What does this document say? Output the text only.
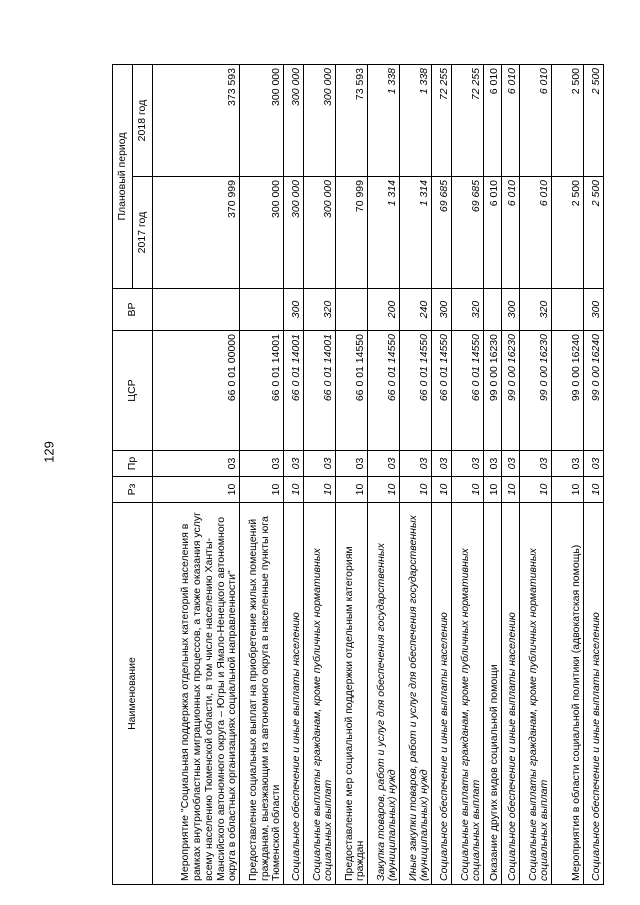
129
Наименование	Рз	Пр	ЦСР	ВР	Плановый период	
					2017 год	2018 год
Мероприятие "Социальная поддержка отдельных категорий населения в рамках внутриобластных миграционных процессов, а также оказания услуг всему населению Тюменской области, в том числе населению Ханты-Мансийского автономного округа – Югры и Ямало-Ненецкого автономного округа в областных организациях социальной направленности"	10	03	66 0 01 00000		370 999	373 593
Предоставление социальных выплат на приобретение жилых помещений гражданам, выезжающим из автономного округа в населенные пункты юга Тюменской области	10	03	66 0 01 14001		300 000	300 000
Социальное обеспечение и иные выплаты населению	10	03	66 0 01 14001	300	300 000	300 000
Социальные выплаты гражданам, кроме публичных нормативных социальных выплат	10	03	66 0 01 14001	320	300 000	300 000
Предоставление мер социальной поддержки отдельным категориям граждан	10	03	66 0 01 14550		70 999	73 593
Закупка товаров, работ и услуг для обеспечения государственных (муниципальных) нужд	10	03	66 0 01 14550	200	1 314	1 338
Иные закупки товаров, работ и услуг для обеспечения государственных (муниципальных) нужд	10	03	66 0 01 14550	240	1 314	1 338
Социальное обеспечение и иные выплаты населению	10	03	66 0 01 14550	300	69 685	72 255
Социальные выплаты гражданам, кроме публичных нормативных социальных выплат	10	03	66 0 01 14550	320	69 685	72 255
Оказание других видов социальной помощи	10	03	99 0 00 16230		6 010	6 010
Социальное обеспечение и иные выплаты населению	10	03	99 0 00 16230	300	6 010	6 010
Социальные выплаты гражданам, кроме публичных нормативных социальных выплат	10	03	99 0 00 16230	320	6 010	6 010
Мероприятия в области социальной политики (адвокатская помощь)	10	03	99 0 00 16240		2 500	2 500
Социальное обеспечение и иные выплаты населению	10	03	99 0 00 16240	300	2 500	2 500
